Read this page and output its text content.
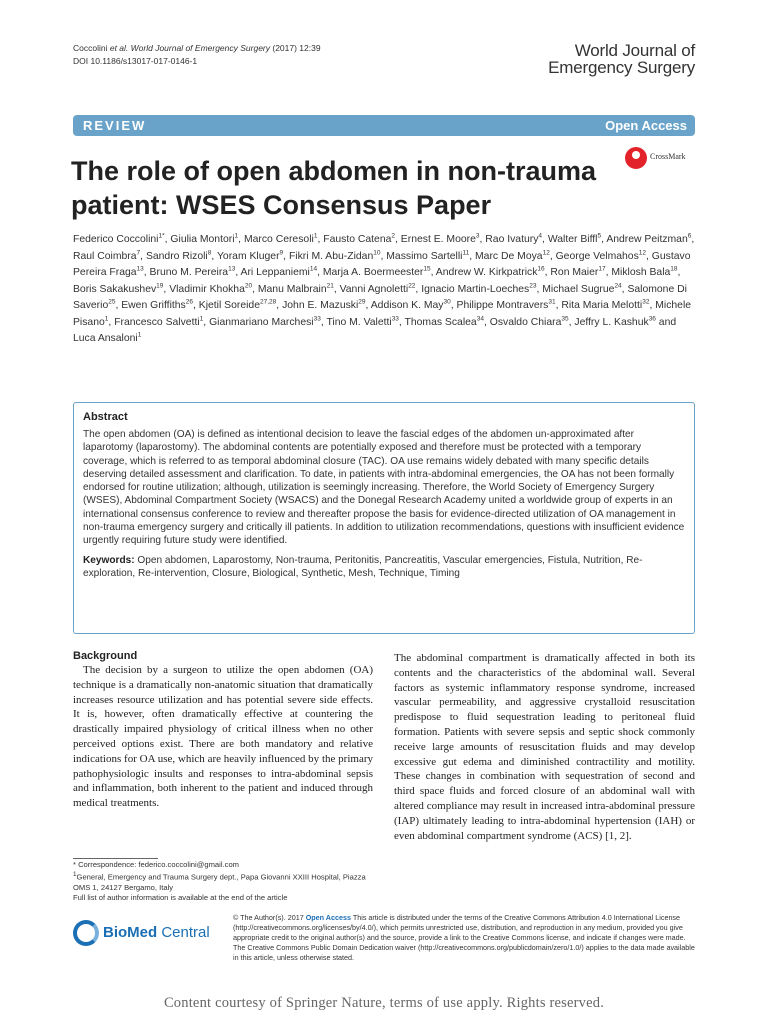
Coccolini et al. World Journal of Emergency Surgery (2017) 12:39
DOI 10.1186/s13017-017-0146-1
World Journal of
Emergency Surgery
REVIEW	Open Access
The role of open abdomen in non-trauma patient: WSES Consensus Paper
CrossMark
Federico Coccolini$^{1*}$, Giulia Montori$^1$, Marco Ceresoli$^1$, Fausto Catena$^2$, Ernest E. Moore$^3$, Rao Ivatury$^4$, Walter Biffl$^5$, Andrew Peitzman$^6$, Raul Coimbra$^7$, Sandro Rizoli$^8$, Yoram Kluger$^9$, Fikri M. Abu-Zidan$^{10}$, Massimo Sartelli$^{11}$, Marc De Moya$^{12}$, George Velmahos$^{12}$, Gustavo Pereira Fraga$^{13}$, Bruno M. Pereira$^{13}$, Ari Leppaniemi$^{14}$, Marja A. Boermeester$^{15}$, Andrew W. Kirkpatrick$^{16}$, Ron Maier$^{17}$, Miklosh Bala$^{18}$, Boris Sakakushev$^{19}$, Vladimir Khokha$^{20}$, Manu Malbrain$^{21}$, Vanni Agnoletti$^{22}$, Ignacio Martin-Loeches$^{23}$, Michael Sugrue$^{24}$, Salomone Di Saverio$^{25}$, Ewen Griffiths$^{26}$, Kjetil Soreide$^{27,28}$, John E. Mazuski$^{29}$, Addison K. May$^{30}$, Philippe Montravers$^{31}$, Rita Maria Melotti$^{32}$, Michele Pisano$^1$, Francesco Salvetti$^1$, Gianmariano Marchesi$^{33}$, Tino M. Valetti$^{33}$, Thomas Scalea$^{34}$, Osvaldo Chiara$^{35}$, Jeffry L. Kashuk$^{36}$ and Luca Ansaloni$^1$
Abstract

The open abdomen (OA) is defined as intentional decision to leave the fascial edges of the abdomen un-approximated after laparotomy (laparostomy). The abdominal contents are potentially exposed and therefore must be protected with a temporary coverage, which is referred to as temporal abdominal closure (TAC). OA use remains widely debated with many specific details deserving detailed assessment and clarification. To date, in patients with intra-abdominal emergencies, the OA has not been formally endorsed for routine utilization; although, utilization is seemingly increasing. Therefore, the World Society of Emergency Surgery (WSES), Abdominal Compartment Society (WSACS) and the Donegal Research Academy united a worldwide group of experts in an international consensus conference to review and thereafter propose the basis for evidence-directed utilization of OA management in non-trauma emergency surgery and critically ill patients. In addition to utilization recommendations, questions with insufficient evidence urgently requiring future study were identified.

Keywords: Open abdomen, Laparostomy, Non-trauma, Peritonitis, Pancreatitis, Vascular emergencies, Fistula, Nutrition, Re-exploration, Re-intervention, Closure, Biological, Synthetic, Mesh, Technique, Timing

Background

The decision by a surgeon to utilize the open abdomen (OA) technique is a dramatically non-anatomic situation that dramatically increases resource utilization and has potential severe side effects. It is, however, often dramatically effective at countering the drastically impaired physiology of critical illness when no other perceived options exist. There are both mandatory and relative indications for OA use, which are heavily influenced by the primary pathophysiologic insults and responses to intra-abdominal sepsis and inflammation, both inherent to the patient and induced through medical treatments.

The abdominal compartment is dramatically affected in both its contents and the characteristics of the abdominal wall. Several factors as systemic inflammatory response syndrome, increased vascular permeability, and aggressive crystalloid resuscitation predispose to fluid sequestration leading to peritoneal fluid formation. Patients with severe sepsis and septic shock commonly receive large amounts of resuscitation fluids and may develop excessive gut edema and diminished contractility and motility. These changes in combination with sequestration of second and third space fluids and forced closure of an abdominal wall with altered compliance may result in increased intra-abdominal pressure (IAP) ultimately leading to intra-abdominal hypertension (IAH) or even abdominal compartment syndrome (ACS) [1, 2].

* Correspondence: federico.coccolini@gmail.com
$^1$General, Emergency and Trauma Surgery dept., Papa Giovanni XXIII Hospital, Piazza OMS 1, 24127 Bergamo, Italy
Full list of author information is available at the end of the article
BioMed Central

© The Author(s). 2017 Open Access This article is distributed under the terms of the Creative Commons Attribution 4.0 International License (http://creativecommons.org/licenses/by/4.0/), which permits unrestricted use, distribution, and reproduction in any medium, provided you give appropriate credit to the original author(s) and the source, provide a link to the Creative Commons license, and indicate if changes were made. The Creative Commons Public Domain Dedication waiver (http://creativecommons.org/publicdomain/zero/1.0/) applies to the data made available in this article, unless otherwise stated.

Content courtesy of Springer Nature, terms of use apply. Rights reserved.
